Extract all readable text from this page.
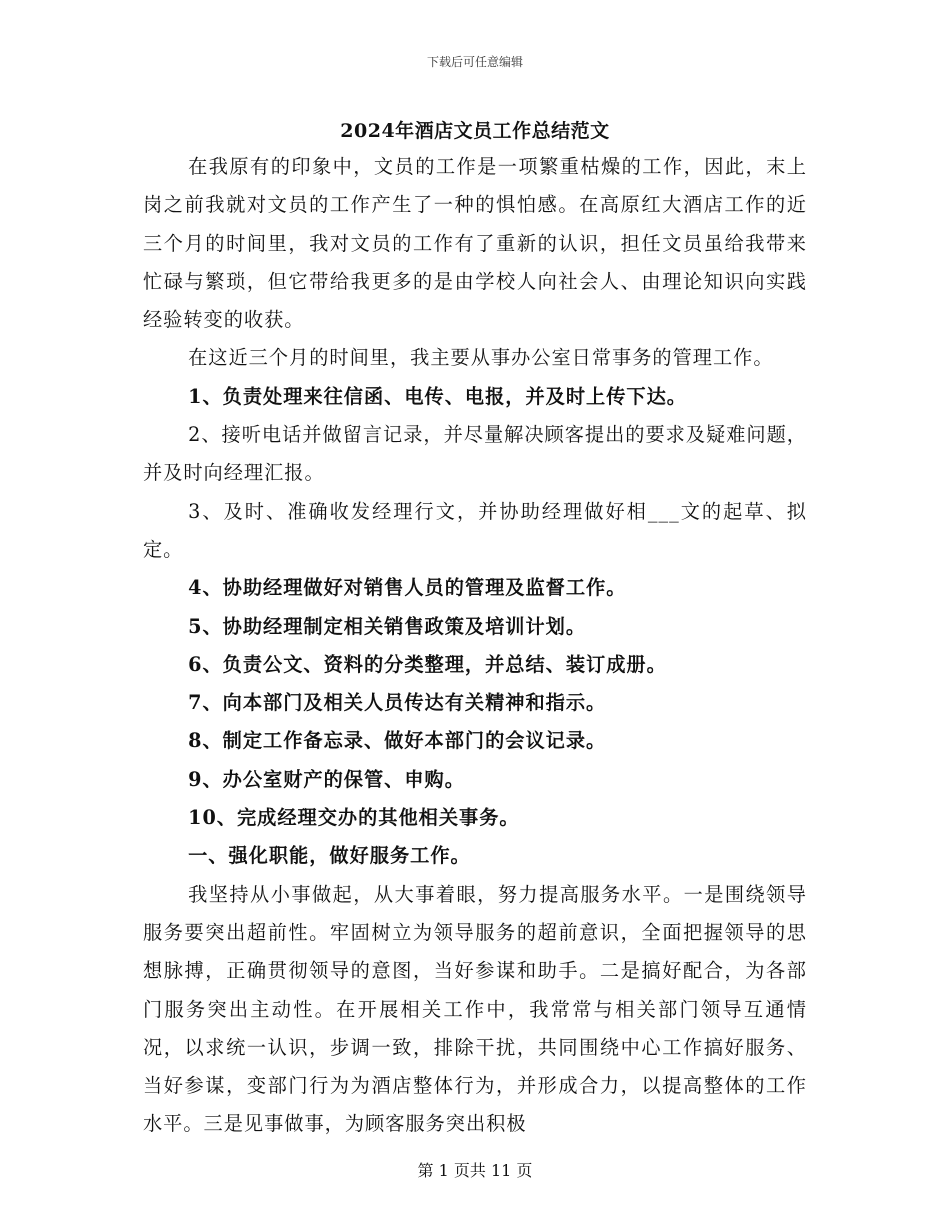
下载后可任意编辑
2024年酒店文员工作总结范文

在我原有的印象中，文员的工作是一项繁重枯燥的工作，因此，末上岗之前我就对文员的工作产生了一种的惧怕感。在高原红大酒店工作的近三个月的时间里，我对文员的工作有了重新的认识，担任文员虽给我带来忙碌与繁琐，但它带给我更多的是由学校人向社会人、由理论知识向实践经验转变的收获。

在这近三个月的时间里，我主要从事办公室日常事务的管理工作。

1、负责处理来往信函、电传、电报，并及时上传下达。

2、接听电话并做留言记录，并尽量解决顾客提出的要求及疑难问题，并及时向经理汇报。

3、及时、准确收发经理行文，并协助经理做好相___文的起草、拟定。

4、协助经理做好对销售人员的管理及监督工作。

5、协助经理制定相关销售政策及培训计划。

6、负责公文、资料的分类整理，并总结、装订成册。

7、向本部门及相关人员传达有关精神和指示。

8、制定工作备忘录、做好本部门的会议记录。

9、办公室财产的保管、申购。

10、完成经理交办的其他相关事务。

一、强化职能，做好服务工作。

我坚持从小事做起，从大事着眼，努力提高服务水平。一是围绕领导服务要突出超前性。牢固树立为领导服务的超前意识，全面把握领导的思想脉搏，正确贯彻领导的意图，当好参谋和助手。二是搞好配合，为各部门服务突出主动性。在开展相关工作中，我常常与相关部门领导互通情况，以求统一认识，步调一致，排除干扰，共同围绕中心工作搞好服务、当好参谋，变部门行为为酒店整体行为，并形成合力，以提高整体的工作水平。三是见事做事，为顾客服务突出积极

第 1 页共 11 页
